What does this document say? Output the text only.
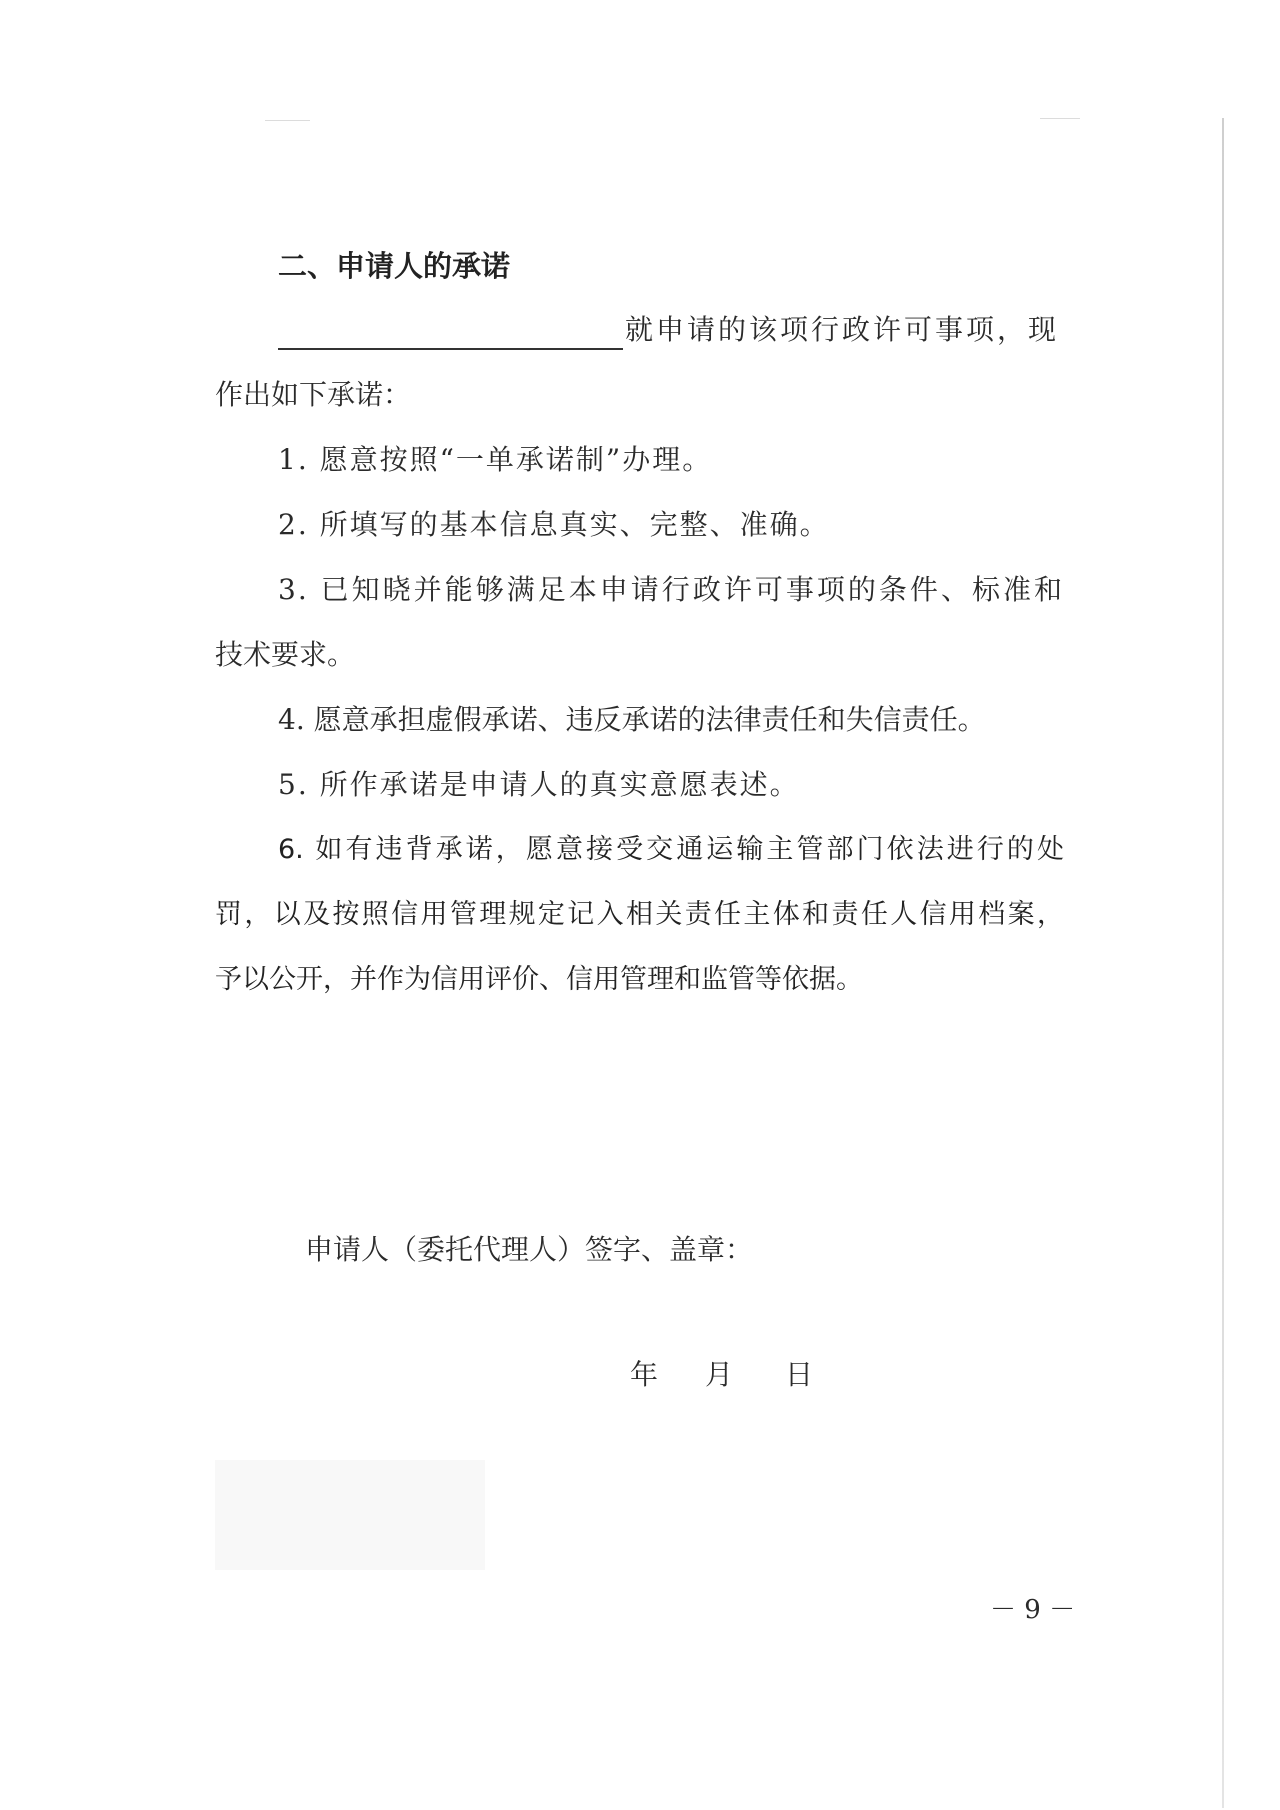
二、申请人的承诺
就申请的该项行政许可事项，现
作出如下承诺：
1. 愿意按照“一单承诺制”办理。
2. 所填写的基本信息真实、完整、准确。
3. 已知晓并能够满足本申请行政许可事项的条件、标准和
技术要求。
4. 愿意承担虚假承诺、违反承诺的法律责任和失信责任。
5. 所作承诺是申请人的真实意愿表述。
6. 如有违背承诺，愿意接受交通运输主管部门依法进行的处
罚，以及按照信用管理规定记入相关责任主体和责任人信用档案，
予以公开，并作为信用评价、信用管理和监管等依据。
申请人（委托代理人）签字、盖章：
年 月 日
－ 9 －
